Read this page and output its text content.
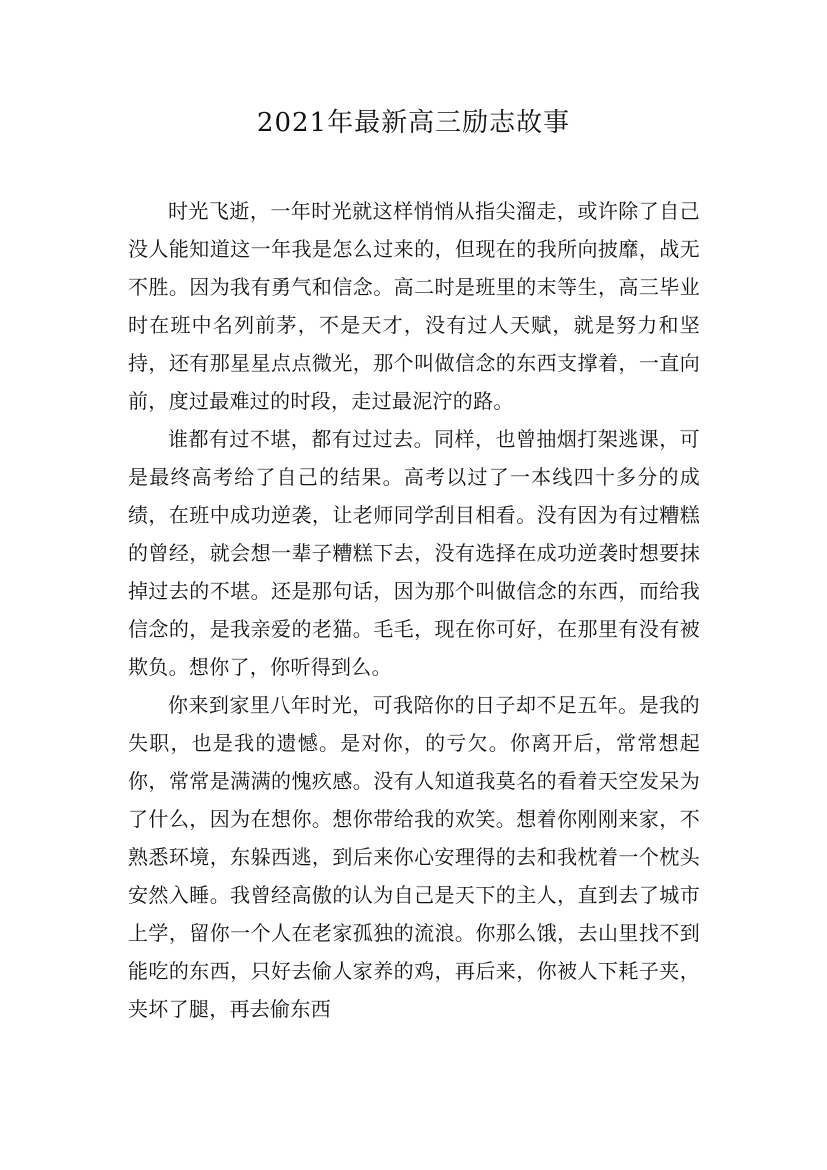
2021年最新高三励志故事

时光飞逝，一年时光就这样悄悄从指尖溜走，或许除了自己没人能知道这一年我是怎么过来的，但现在的我所向披靡，战无不胜。因为我有勇气和信念。高二时是班里的末等生，高三毕业时在班中名列前茅，不是天才，没有过人天赋，就是努力和坚持，还有那星星点点微光，那个叫做信念的东西支撑着，一直向前，度过最难过的时段，走过最泥泞的路。

谁都有过不堪，都有过过去。同样，也曾抽烟打架逃课，可是最终高考给了自己的结果。高考以过了一本线四十多分的成绩，在班中成功逆袭，让老师同学刮目相看。没有因为有过糟糕的曾经，就会想一辈子糟糕下去，没有选择在成功逆袭时想要抹掉过去的不堪。还是那句话，因为那个叫做信念的东西，而给我信念的，是我亲爱的老猫。毛毛，现在你可好，在那里有没有被欺负。想你了，你听得到么。

你来到家里八年时光，可我陪你的日子却不足五年。是我的失职，也是我的遗憾。是对你，的亏欠。你离开后，常常想起你，常常是满满的愧疚感。没有人知道我莫名的看着天空发呆为了什么，因为在想你。想你带给我的欢笑。想着你刚刚来家，不熟悉环境，东躲西逃，到后来你心安理得的去和我枕着一个枕头安然入睡。我曾经高傲的认为自己是天下的主人，直到去了城市上学，留你一个人在老家孤独的流浪。你那么饿，去山里找不到能吃的东西，只好去偷人家养的鸡，再后来，你被人下耗子夹，夹坏了腿，再去偷东西
